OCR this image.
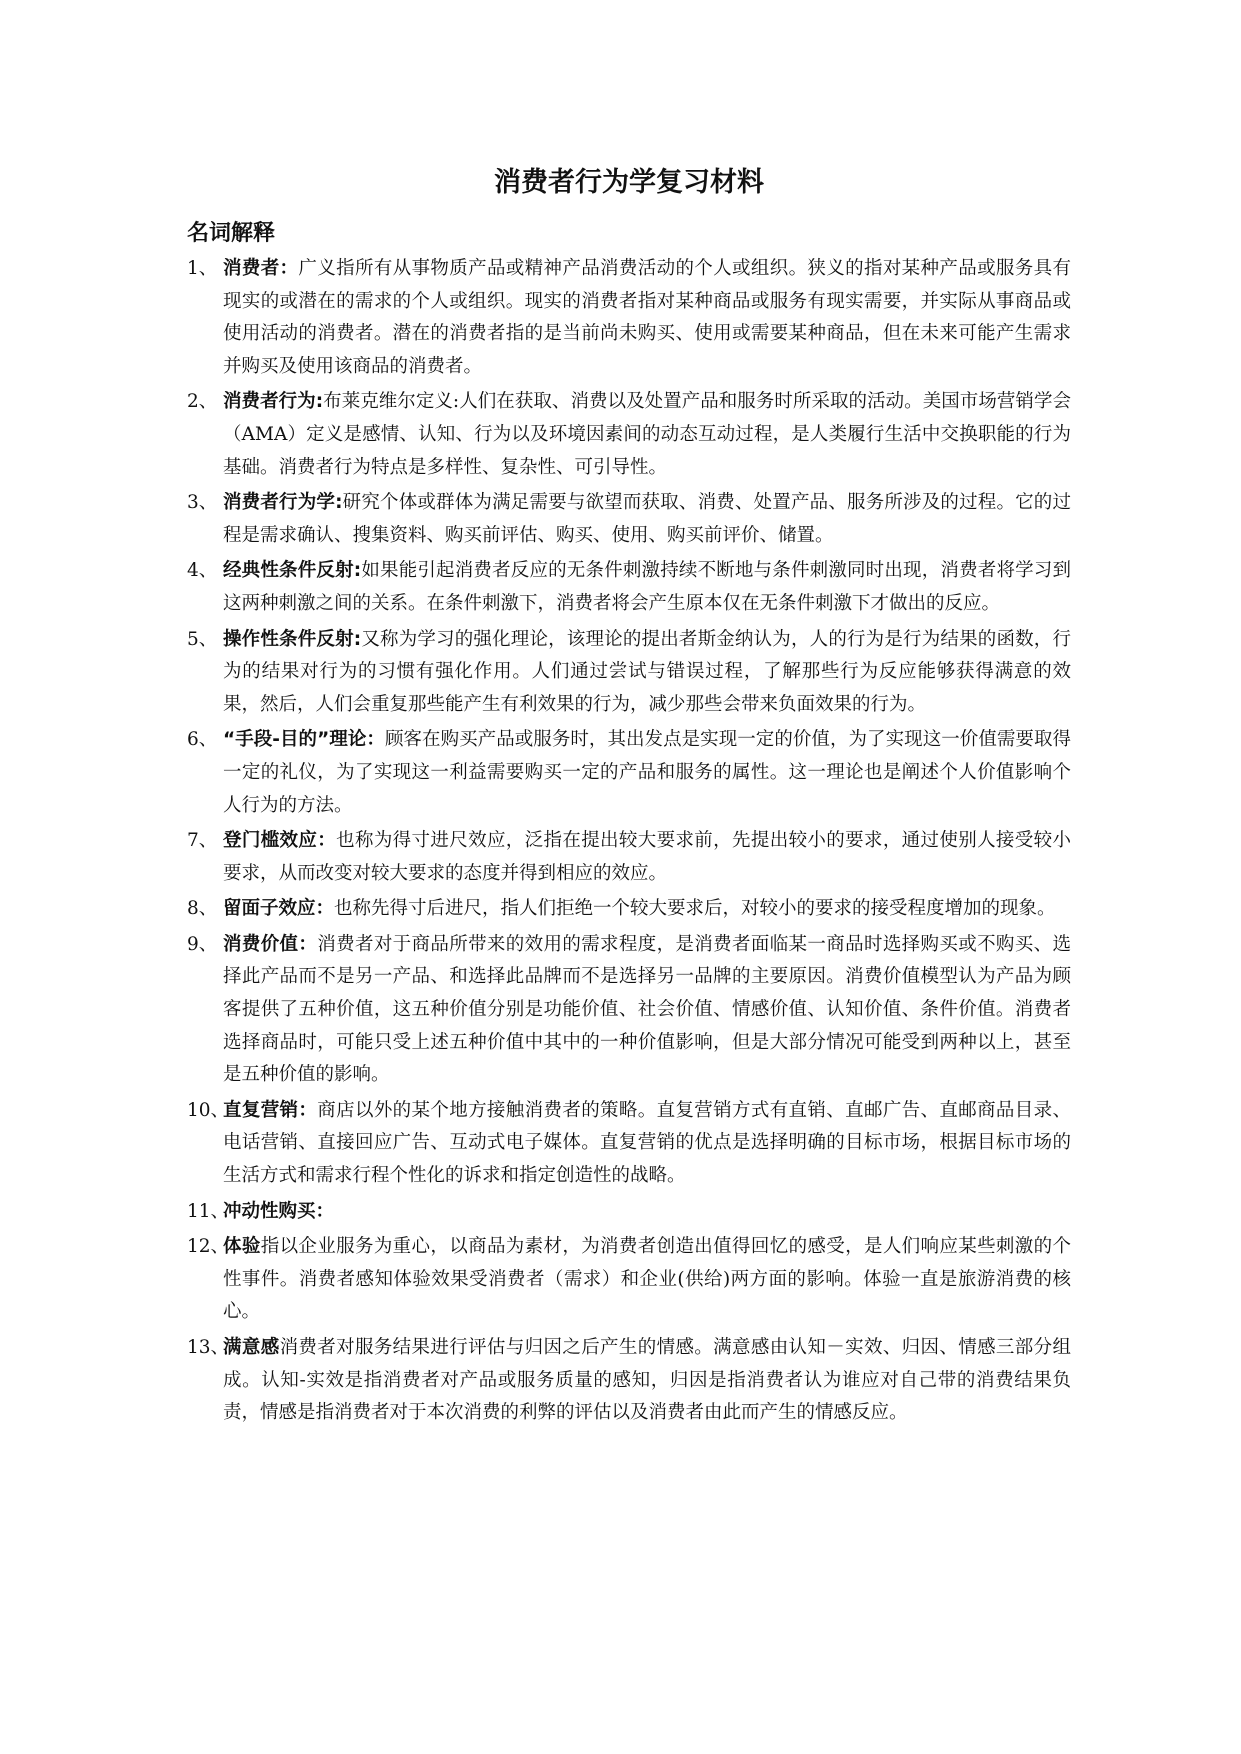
消费者行为学复习材料
名词解释
1、 消费者：广义指所有从事物质产品或精神产品消费活动的个人或组织。狭义的指对某种产品或服务具有现实的或潜在的需求的个人或组织。现实的消费者指对某种商品或服务有现实需要，并实际从事商品或使用活动的消费者。潜在的消费者指的是当前尚未购买、使用或需要某种商品，但在未来可能产生需求并购买及使用该商品的消费者。
2、 消费者行为:布莱克维尔定义:人们在获取、消费以及处置产品和服务时所采取的活动。美国市场营销学会（AMA）定义是感情、认知、行为以及环境因素间的动态互动过程，是人类履行生活中交换职能的行为基础。消费者行为特点是多样性、复杂性、可引导性。
3、 消费者行为学:研究个体或群体为满足需要与欲望而获取、消费、处置产品、服务所涉及的过程。它的过程是需求确认、搜集资料、购买前评估、购买、使用、购买前评价、储置。
4、 经典性条件反射:如果能引起消费者反应的无条件刺激持续不断地与条件刺激同时出现，消费者将学习到这两种刺激之间的关系。在条件刺激下，消费者将会产生原本仅在无条件刺激下才做出的反应。
5、 操作性条件反射:又称为学习的强化理论，该理论的提出者斯金纳认为，人的行为是行为结果的函数，行为的结果对行为的习惯有强化作用。人们通过尝试与错误过程，了解那些行为反应能够获得满意的效果，然后，人们会重复那些能产生有利效果的行为，减少那些会带来负面效果的行为。
6、 “手段-目的”理论：顾客在购买产品或服务时，其出发点是实现一定的价值，为了实现这一价值需要取得一定的礼仪，为了实现这一利益需要购买一定的产品和服务的属性。这一理论也是阐述个人价值影响个人行为的方法。
7、 登门槛效应：也称为得寸进尺效应，泛指在提出较大要求前，先提出较小的要求，通过使别人接受较小要求，从而改变对较大要求的态度并得到相应的效应。
8、 留面子效应：也称先得寸后进尺，指人们拒绝一个较大要求后，对较小的要求的接受程度增加的现象。
9、 消费价值：消费者对于商品所带来的效用的需求程度，是消费者面临某一商品时选择购买或不购买、选择此产品而不是另一产品、和选择此品牌而不是选择另一品牌的主要原因。消费价值模型认为产品为顾客提供了五种价值，这五种价值分别是功能价值、社会价值、情感价值、认知价值、条件价值。消费者选择商品时，可能只受上述五种价值中其中的一种价值影响，但是大部分情况可能受到两种以上，甚至是五种价值的影响。
10、
直复营销：商店以外的某个地方接触消费者的策略。直复营销方式有直销、直邮广告、直邮商品目录、电话营销、直接回应广告、互动式电子媒体。直复营销的优点是选择明确的目标市场，根据目标市场的生活方式和需求行程个性化的诉求和指定创造性的战略。
11、
冲动性购买：
12、
体验指以企业服务为重心，以商品为素材，为消费者创造出值得回忆的感受，是人们响应某些刺激的个性事件。消费者感知体验效果受消费者（需求）和企业(供给)两方面的影响。体验一直是旅游消费的核心。
13、
满意感消费者对服务结果进行评估与归因之后产生的情感。满意感由认知－实效、归因、情感三部分组成。认知-实效是指消费者对产品或服务质量的感知，归因是指消费者认为谁应对自己带的消费结果负责，情感是指消费者对于本次消费的利弊的评估以及消费者由此而产生的情感反应。
